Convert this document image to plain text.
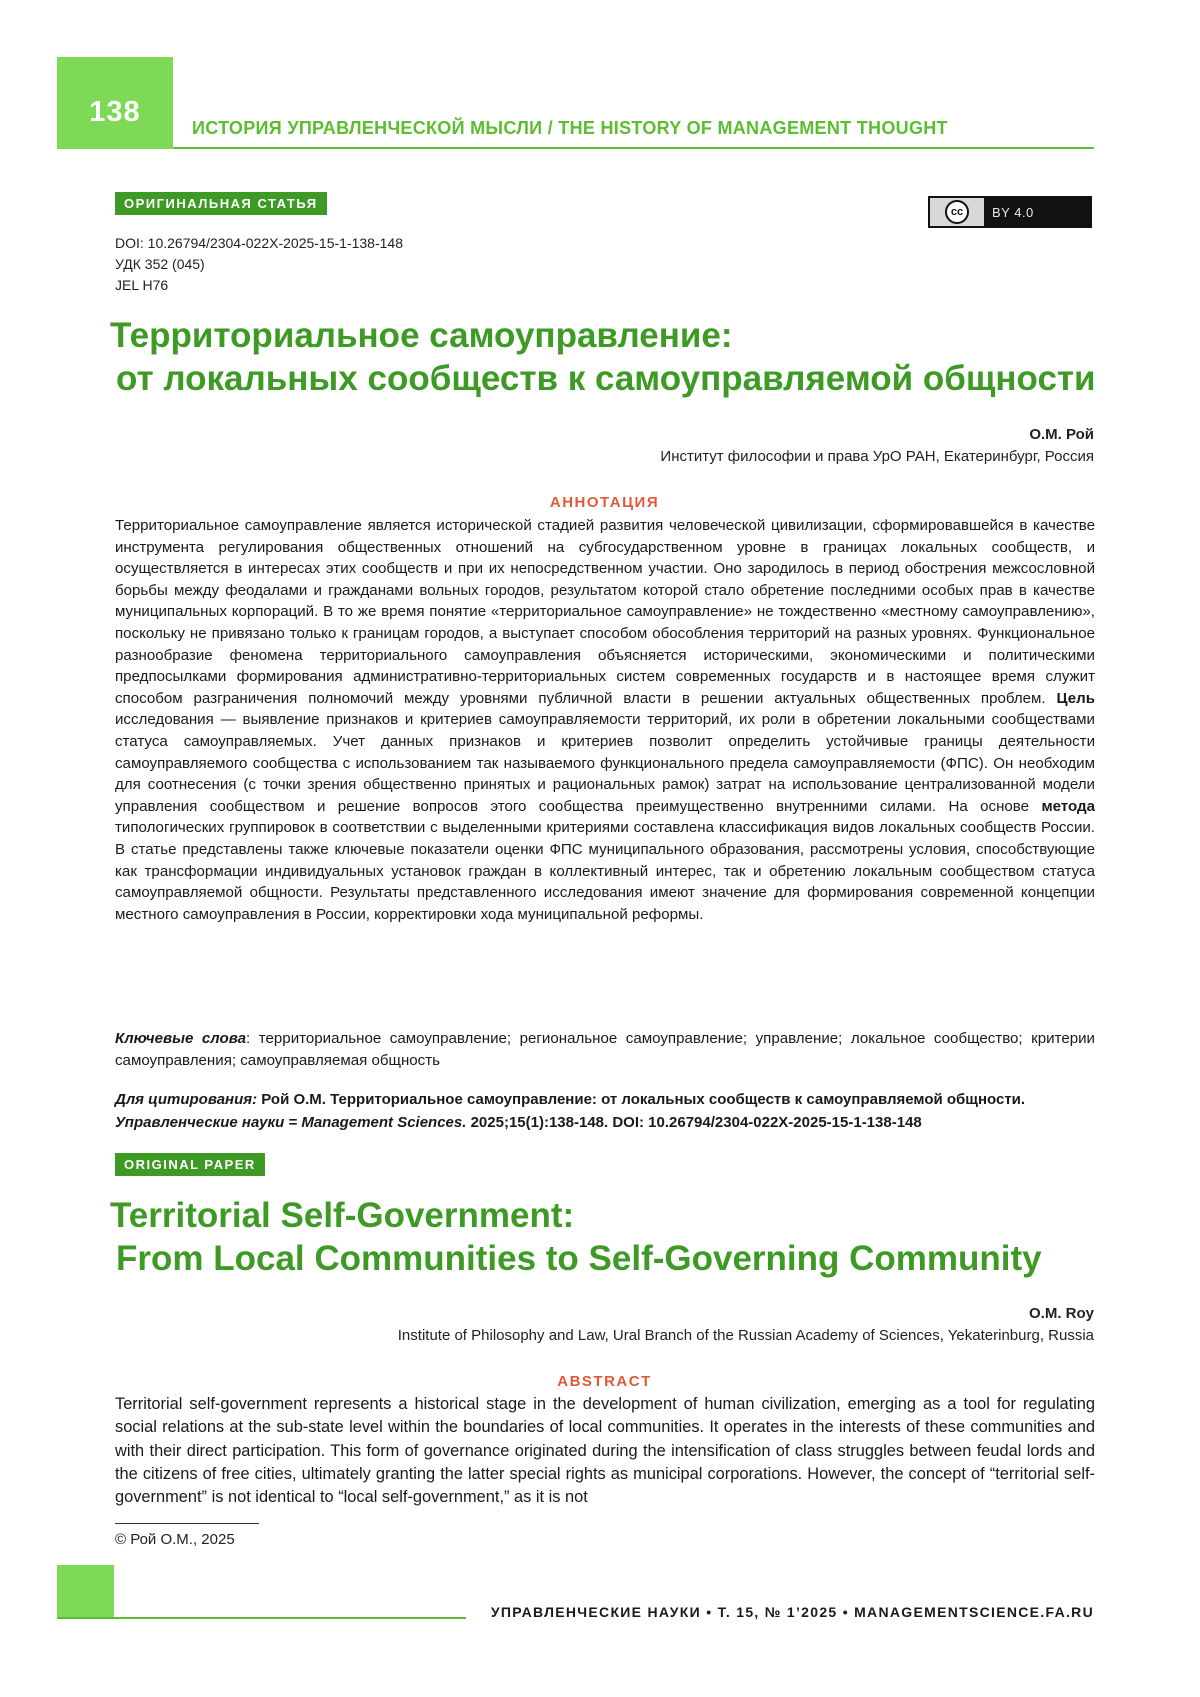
138	ИСТОРИЯ УПРАВЛЕНЧЕСКОЙ МЫСЛИ / THE HISTORY OF MANAGEMENT THOUGHT
ОРИГИНАЛЬНАЯ СТАТЬЯ
cc	BY 4.0
DOI: 10.26794/2304-022X-2025-15-1-138-148
УДК 352 (045)
JEL H76
Территориальное самоуправление:
от локальных сообществ к самоуправляемой общности
О.М. Рой
Институт философии и права УрО РАН, Екатеринбург, Россия
АННОТАЦИЯ
Территориальное самоуправление является исторической стадией развития человеческой цивилизации, сформировавшейся в качестве инструмента регулирования общественных отношений на субгосударственном уровне в границах локальных сообществ, и осуществляется в интересах этих сообществ и при их непосредственном участии. Оно зародилось в период обострения межсословной борьбы между феодалами и гражданами вольных городов, результатом которой стало обретение последними особых прав в качестве муниципальных корпораций. В то же время понятие «территориальное самоуправление» не тождественно «местному самоуправлению», поскольку не привязано только к границам городов, а выступает способом обособления территорий на разных уровнях. Функциональное разнообразие феномена территориального самоуправления объясняется историческими, экономическими и политическими предпосылками формирования административно-территориальных систем современных государств и в настоящее время служит способом разграничения полномочий между уровнями публичной власти в решении актуальных общественных проблем. Цель исследования — выявление признаков и критериев самоуправляемости территорий, их роли в обретении локальными сообществами статуса самоуправляемых. Учет данных признаков и критериев позволит определить устойчивые границы деятельности самоуправляемого сообщества с использованием так называемого функционального предела самоуправляемости (ФПС). Он необходим для соотнесения (с точки зрения общественно принятых и рациональных рамок) затрат на использование централизованной модели управления сообществом и решение вопросов этого сообщества преимущественно внутренними силами. На основе метода типологических группировок в соответствии с выделенными критериями составлена классификация видов локальных сообществ России. В статье представлены также ключевые показатели оценки ФПС муниципального образования, рассмотрены условия, способствующие как трансформации индивидуальных установок граждан в коллективный интерес, так и обретению локальным сообществом статуса самоуправляемой общности. Результаты представленного исследования имеют значение для формирования современной концепции местного самоуправления в России, корректировки хода муниципальной реформы.
Ключевые слова: территориальное самоуправление; региональное самоуправление; управление; локальное сообщество; критерии самоуправления; самоуправляемая общность
Для цитирования: Рой О.М. Территориальное самоуправление: от локальных сообществ к самоуправляемой общности.
Управленческие науки = Management Sciences. 2025;15(1):138-148. DOI: 10.26794/2304-022X-2025-15-1-138-148
ORIGINAL PAPER
Territorial Self-Government:
From Local Communities to Self-Governing Community
O.M. Roy
Institute of Philosophy and Law, Ural Branch of the Russian Academy of Sciences, Yekaterinburg, Russia
ABSTRACT
Territorial self-government represents a historical stage in the development of human civilization, emerging as a tool for regulating social relations at the sub-state level within the boundaries of local communities. It operates in the interests of these communities and with their direct participation. This form of governance originated during the intensification of class struggles between feudal lords and the citizens of free cities, ultimately granting the latter special rights as municipal corporations. However, the concept of “territorial self-government” is not identical to “local self-government,” as it is not
© Рой О.М., 2025
УПРАВЛЕНЧЕСКИЕ НАУКИ • Т. 15, № 1’2025 • MANAGEMENTSCIENCE.FA.RU
